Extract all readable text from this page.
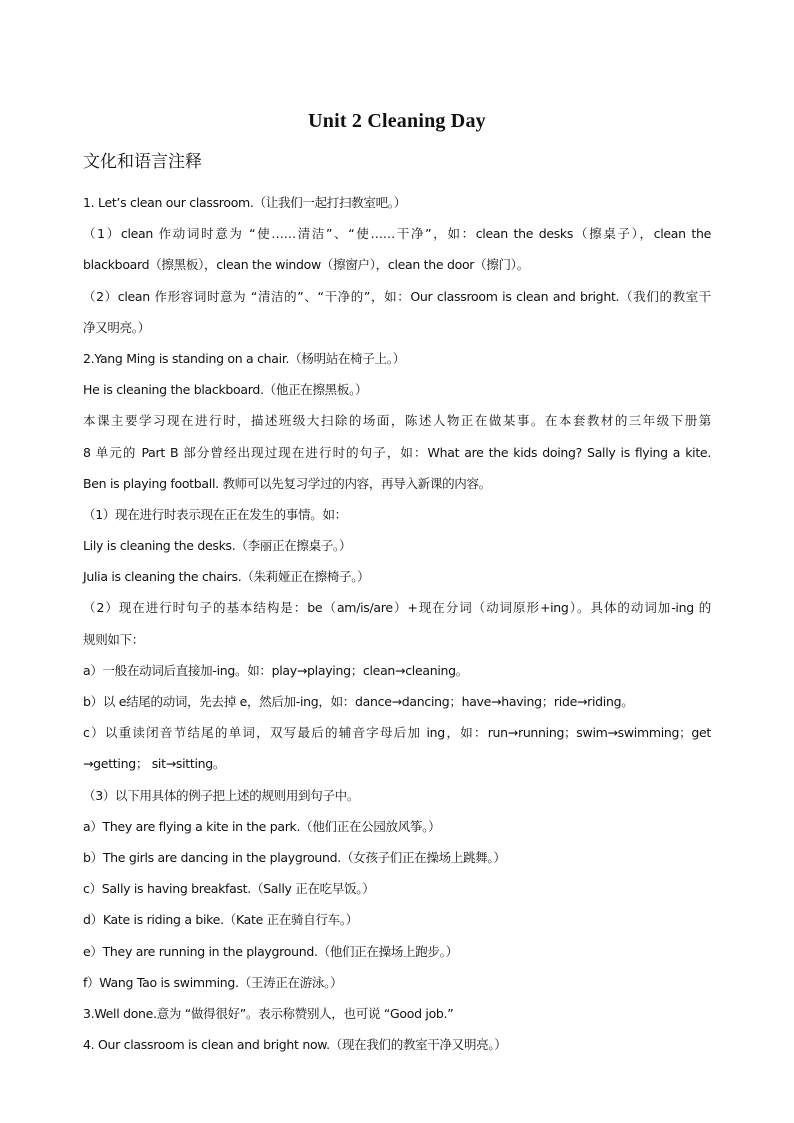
Unit 2 Cleaning Day
文化和语言注释
1. Let’s clean our classroom.（让我们一起打扫教室吧。）
（1）clean 作动词时意为 “使……清洁”、“使……干净”，如：clean the desks（擦桌子），clean the
blackboard（擦黑板），clean the window（擦窗户），clean the door（擦门）。
（2）clean 作形容词时意为 “清洁的”、“干净的”，如：Our classroom is clean and bright.（我们的教室干
净又明亮。）
2.Yang Ming is standing on a chair.（杨明站在椅子上。）
He is cleaning the blackboard.（他正在擦黑板。）
本课主要学习现在进行时，描述班级大扫除的场面，陈述人物正在做某事。在本套教材的三年级下册第
8 单元的 Part B 部分曾经出现过现在进行时的句子，如：What are the kids doing? Sally is flying a kite.
Ben is playing football. 教师可以先复习学过的内容，再导入新课的内容。
（1）现在进行时表示现在正在发生的事情。如：
Lily is cleaning the desks.（李丽正在擦桌子。）
Julia is cleaning the chairs.（朱莉娅正在擦椅子。）
（2）现在进行时句子的基本结构是：be（am/is/are）+现在分词（动词原形+ing）。具体的动词加-ing 的
规则如下：
a）一般在动词后直接加-ing。如：play→playing；clean→cleaning。
b）以 e结尾的动词，先去掉 e，然后加-ing，如：dance→dancing；have→having；ride→riding。
c）以重读闭音节结尾的单词，双写最后的辅音字母后加 ing，如：run→running；swim→swimming；get
→getting； sit→sitting。
（3）以下用具体的例子把上述的规则用到句子中。
a）They are flying a kite in the park.（他们正在公园放风筝。）
b）The girls are dancing in the playground.（女孩子们正在操场上跳舞。）
c）Sally is having breakfast.（Sally 正在吃早饭。）
d）Kate is riding a bike.（Kate 正在骑自行车。）
e）They are running in the playground.（他们正在操场上跑步。）
f）Wang Tao is swimming.（王涛正在游泳。）
3.Well done.意为 “做得很好”。表示称赞别人，也可说 “Good job.”
4. Our classroom is clean and bright now.（现在我们的教室干净又明亮。）
